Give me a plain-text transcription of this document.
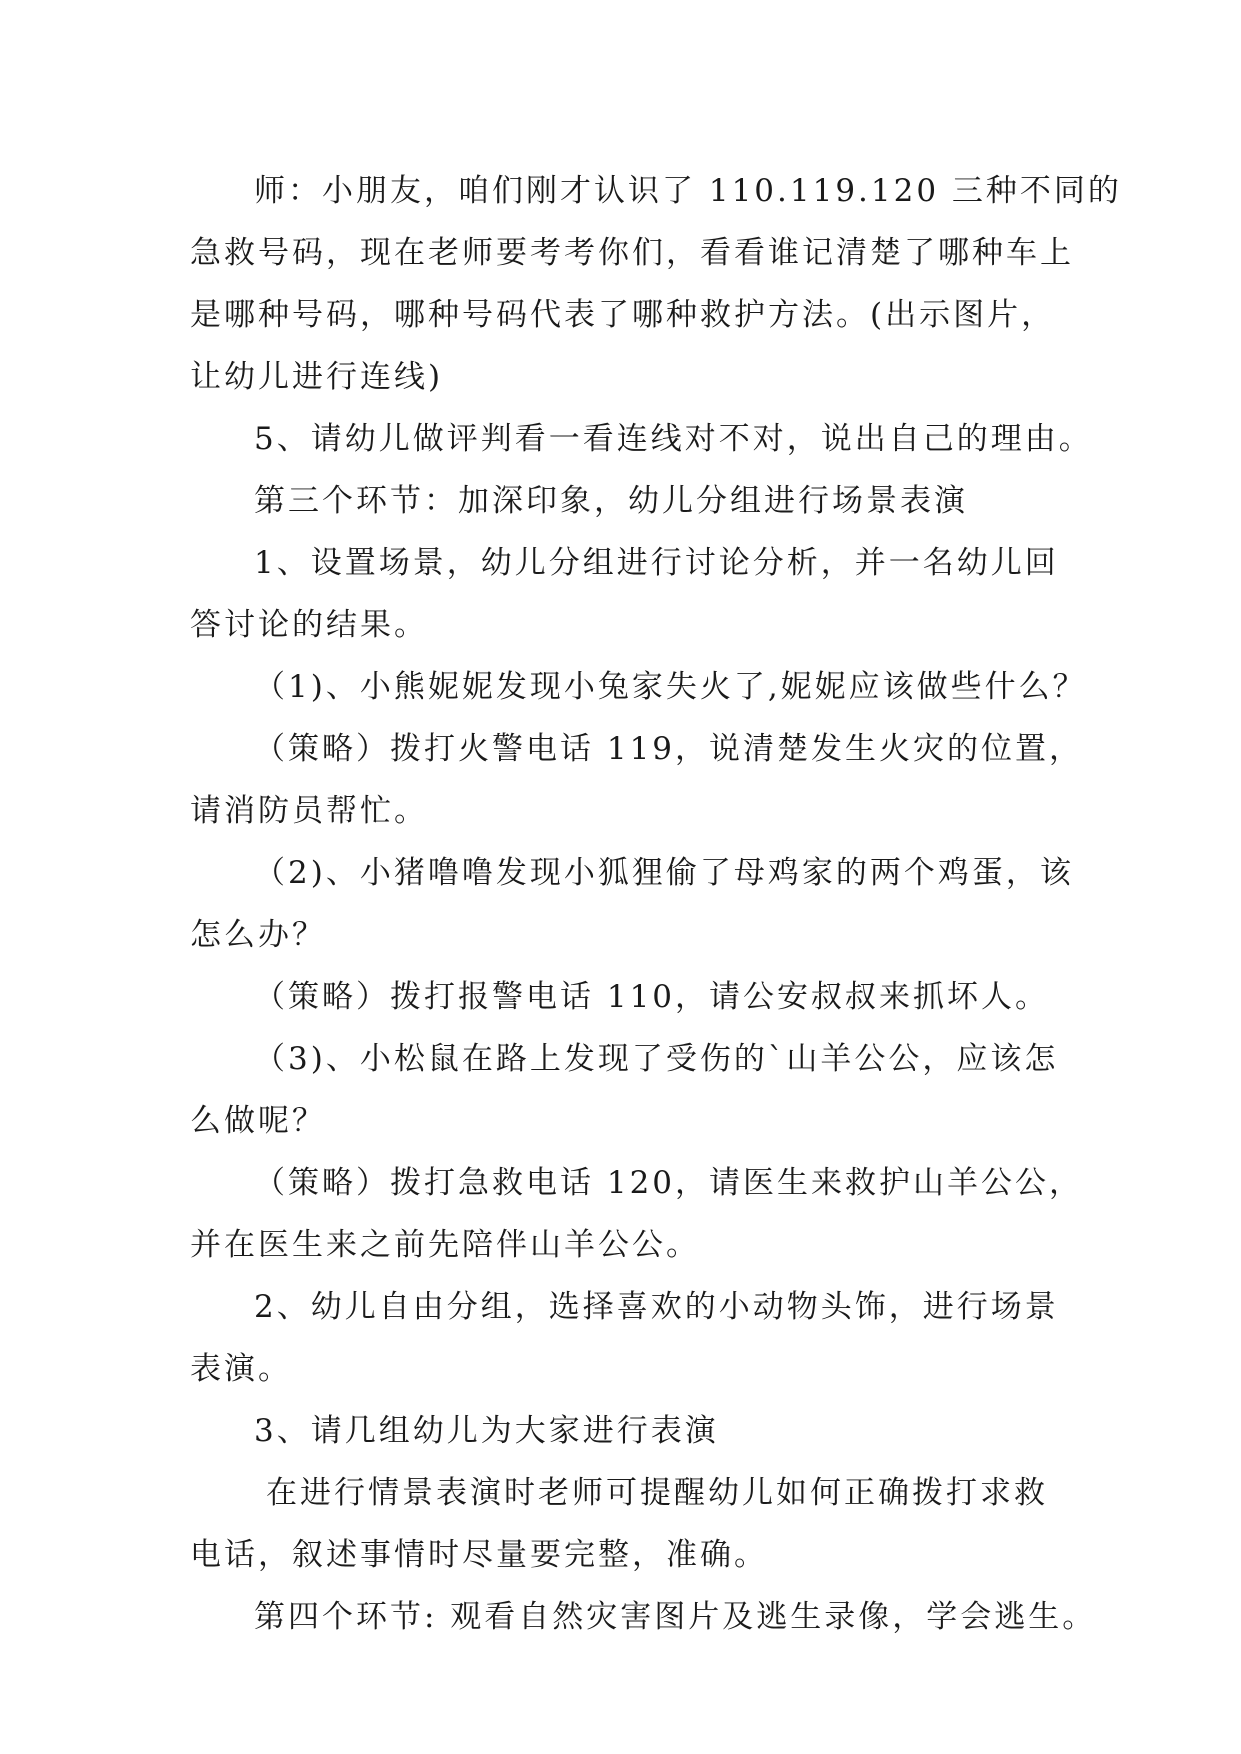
师：小朋友，咱们刚才认识了 110.119.120 三种不同的
急救号码，现在老师要考考你们，看看谁记清楚了哪种车上
是哪种号码，哪种号码代表了哪种救护方法。(出示图片，
让幼儿进行连线)
5、请幼儿做评判看一看连线对不对，说出自己的理由。
第三个环节：加深印象，幼儿分组进行场景表演
1、设置场景，幼儿分组进行讨论分析，并一名幼儿回
答讨论的结果。
（1)、小熊妮妮发现小兔家失火了,妮妮应该做些什么？
（策略）拨打火警电话 119，说清楚发生火灾的位置，
请消防员帮忙。
（2)、小猪噜噜发现小狐狸偷了母鸡家的两个鸡蛋，该
怎么办？
（策略）拨打报警电话 110，请公安叔叔来抓坏人。
（3)、小松鼠在路上发现了受伤的`山羊公公，应该怎
么做呢？
（策略）拨打急救电话 120，请医生来救护山羊公公，
并在医生来之前先陪伴山羊公公。
2、幼儿自由分组，选择喜欢的小动物头饰，进行场景
表演。
3、请几组幼儿为大家进行表演
在进行情景表演时老师可提醒幼儿如何正确拨打求救
电话，叙述事情时尽量要完整，准确。
第四个环节: 观看自然灾害图片及逃生录像，学会逃生。
